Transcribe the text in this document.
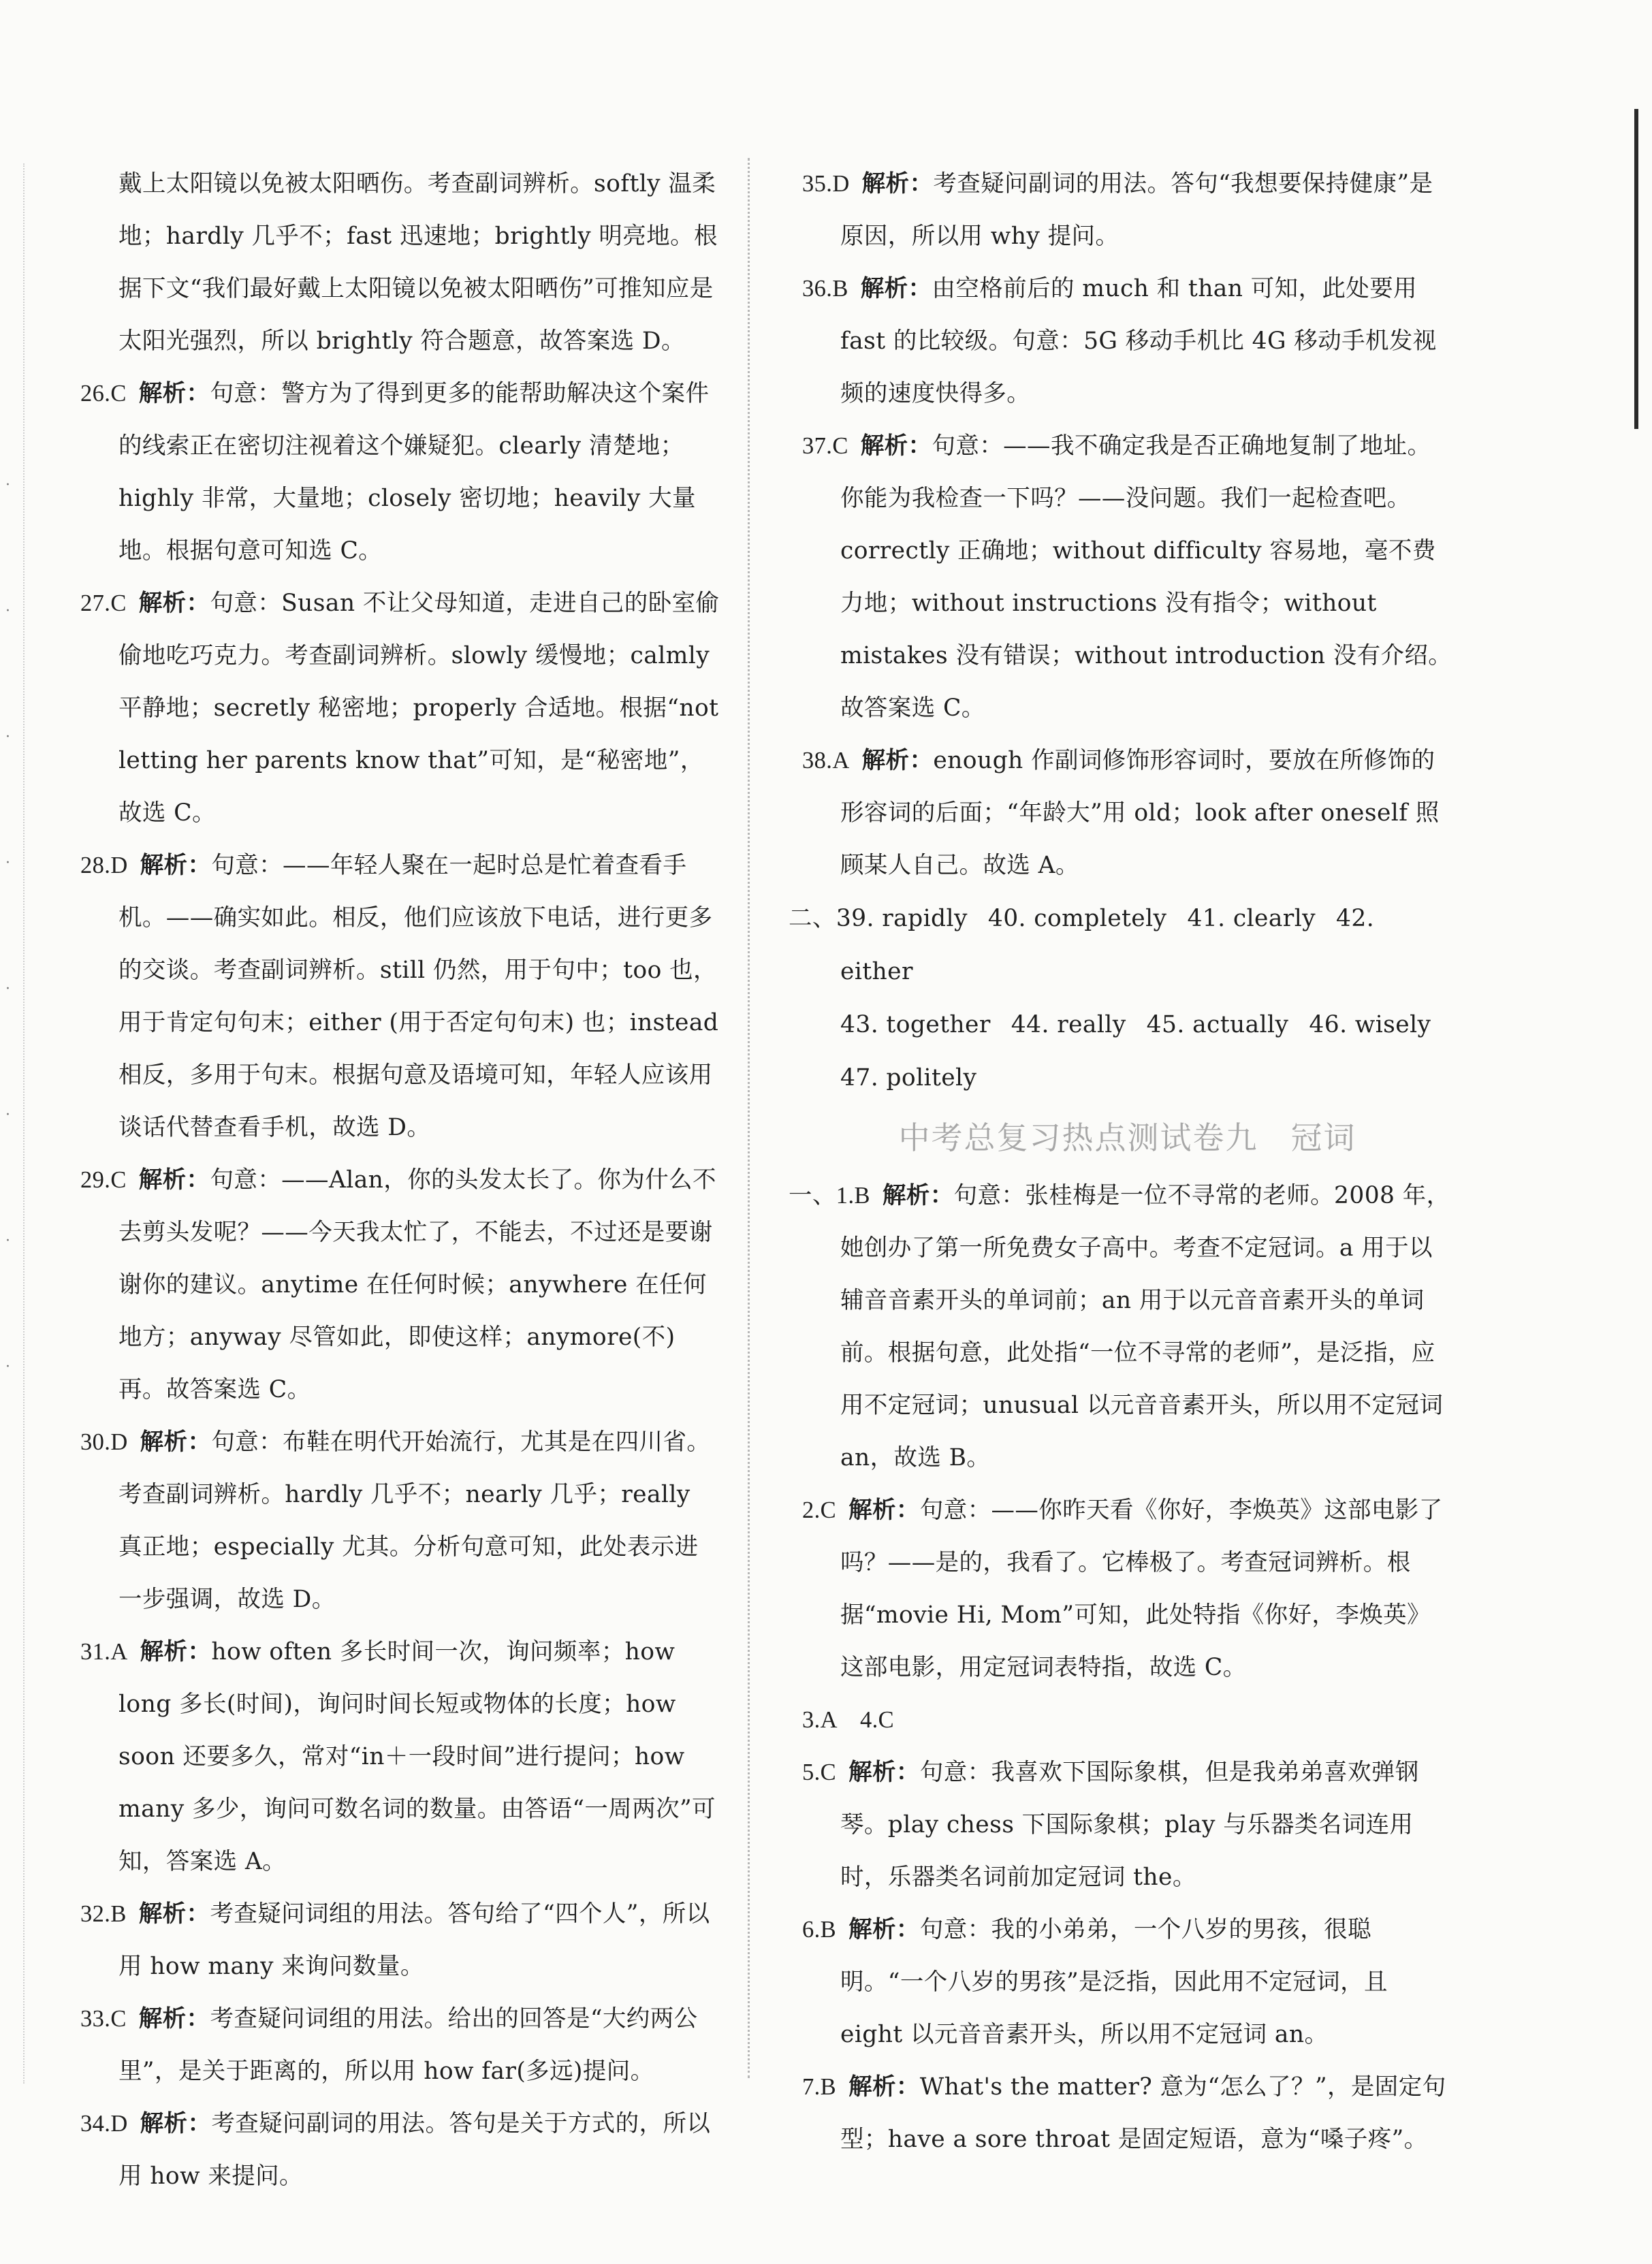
·
·
·
·
·
·
·
·

戴上太阳镜以免被太阳晒伤。考查副词辨析。softly 温柔地；hardly 几乎不；fast 迅速地；brightly 明亮地。根据下文“我们最好戴上太阳镜以免被太阳晒伤”可推知应是太阳光强烈，所以 brightly 符合题意，故答案选 D。

26.C 解析：句意：警方为了得到更多的能帮助解决这个案件的线索正在密切注视着这个嫌疑犯。clearly 清楚地；highly 非常，大量地；closely 密切地；heavily 大量地。根据句意可知选 C。

27.C 解析：句意：Susan 不让父母知道，走进自己的卧室偷偷地吃巧克力。考查副词辨析。slowly 缓慢地；calmly 平静地；secretly 秘密地；properly 合适地。根据“not letting her parents know that”可知，是“秘密地”，故选 C。

28.D 解析：句意：——年轻人聚在一起时总是忙着查看手机。——确实如此。相反，他们应该放下电话，进行更多的交谈。考查副词辨析。still 仍然，用于句中；too 也，用于肯定句句末；either (用于否定句句末) 也；instead 相反，多用于句末。根据句意及语境可知，年轻人应该用谈话代替查看手机，故选 D。

29.C 解析：句意：——Alan，你的头发太长了。你为什么不去剪头发呢？——今天我太忙了，不能去，不过还是要谢谢你的建议。anytime 在任何时候；anywhere 在任何地方；anyway 尽管如此，即使这样；anymore(不)再。故答案选 C。

30.D 解析：句意：布鞋在明代开始流行，尤其是在四川省。考查副词辨析。hardly 几乎不；nearly 几乎；really 真正地；especially 尤其。分析句意可知，此处表示进一步强调，故选 D。

31.A 解析：how often 多长时间一次，询问频率；how long 多长(时间)，询问时间长短或物体的长度；how soon 还要多久，常对“in＋一段时间”进行提问；how many 多少，询问可数名词的数量。由答语“一周两次”可知，答案选 A。

32.B 解析：考查疑问词组的用法。答句给了“四个人”，所以用 how many 来询问数量。

33.C 解析：考查疑问词组的用法。给出的回答是“大约两公里”，是关于距离的，所以用 how far(多远)提问。

34.D 解析：考查疑问副词的用法。答句是关于方式的，所以用 how 来提问。

35.D 解析：考查疑问副词的用法。答句“我想要保持健康”是原因，所以用 why 提问。

36.B 解析：由空格前后的 much 和 than 可知，此处要用 fast 的比较级。句意：5G 移动手机比 4G 移动手机发视频的速度快得多。

37.C 解析：句意：——我不确定我是否正确地复制了地址。你能为我检查一下吗？——没问题。我们一起检查吧。correctly 正确地；without difficulty 容易地，毫不费力地；without instructions 没有指令；without mistakes 没有错误；without introduction 没有介绍。故答案选 C。

38.A 解析：enough 作副词修饰形容词时，要放在所修饰的形容词的后面；“年龄大”用 old；look after oneself 照顾某人自己。故选 A。

二、39. rapidly 40. completely 41. clearly 42. either
43. together 44. really 45. actually 46. wisely
47. politely
中考总复习热点测试卷九　冠词

一、1.B 解析：句意：张桂梅是一位不寻常的老师。2008 年，她创办了第一所免费女子高中。考查不定冠词。a 用于以辅音音素开头的单词前；an 用于以元音音素开头的单词前。根据句意，此处指“一位不寻常的老师”，是泛指，应用不定冠词；unusual 以元音音素开头，所以用不定冠词 an，故选 B。

2.C 解析：句意：——你昨天看《你好，李焕英》这部电影了吗？——是的，我看了。它棒极了。考查冠词辨析。根据“movie Hi, Mom”可知，此处特指《你好，李焕英》这部电影，用定冠词表特指，故选 C。

3.A　4.C

5.C 解析：句意：我喜欢下国际象棋，但是我弟弟喜欢弹钢琴。play chess 下国际象棋；play 与乐器类名词连用时，乐器类名词前加定冠词 the。

6.B 解析：句意：我的小弟弟，一个八岁的男孩，很聪明。“一个八岁的男孩”是泛指，因此用不定冠词，且 eight 以元音音素开头，所以用不定冠词 an。

7.B 解析：What's the matter? 意为“怎么了？”，是固定句型；have a sore throat 是固定短语，意为“嗓子疼”。
